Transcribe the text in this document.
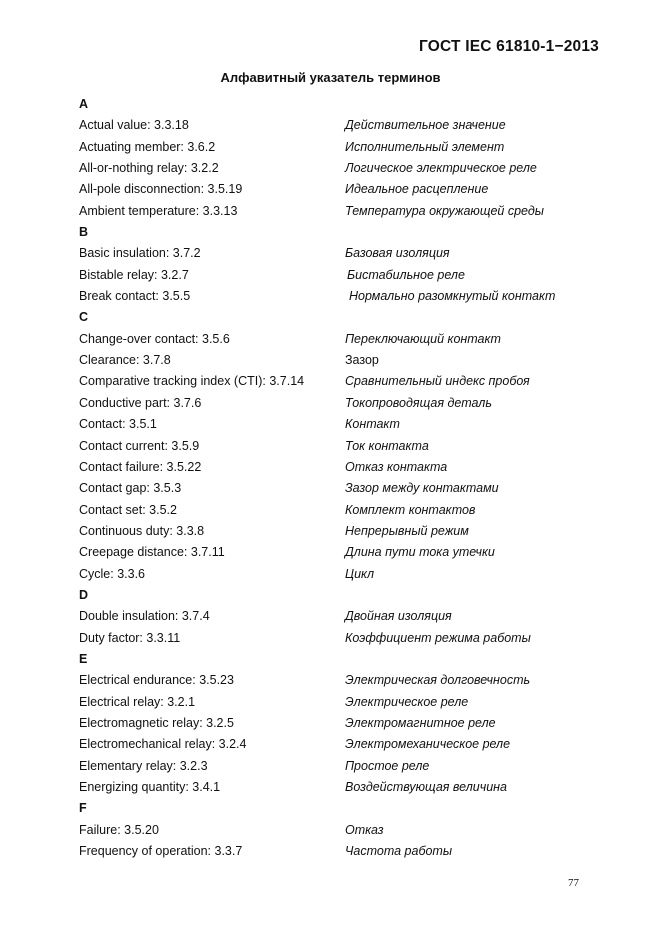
ГОСТ IEC 61810-1−2013
Алфавитный указатель терминов
A
Actual value: 3.3.18	Действительное значение
Actuating member: 3.6.2	Исполнительный элемент
All-or-nothing relay: 3.2.2	Логическое электрическое реле
All-pole disconnection: 3.5.19	Идеальное расцепление
Ambient temperature: 3.3.13	Температура окружающей среды
B
Basic insulation: 3.7.2	Базовая изоляция
Bistable relay: 3.2.7	Бистабильное реле
Break contact: 3.5.5	Нормально разомкнутый контакт
C
Change-over contact: 3.5.6	Переключающий контакт
Clearance: 3.7.8	Зазор
Comparative tracking index (CTI): 3.7.14	Сравнительный индекс пробоя
Conductive part: 3.7.6	Токопроводящая деталь
Contact: 3.5.1	Контакт
Contact current: 3.5.9	Ток контакта
Contact failure: 3.5.22	Отказ контакта
Contact gap: 3.5.3	Зазор между контактами
Contact set: 3.5.2	Комплект контактов
Continuous duty: 3.3.8	Непрерывный режим
Creepage distance: 3.7.11	Длина пути тока утечки
Cycle: 3.3.6	Цикл
D
Double insulation: 3.7.4	Двойная изоляция
Duty factor: 3.3.11	Коэффициент режима работы
E
Electrical endurance: 3.5.23	Электрическая долговечность
Electrical relay: 3.2.1	Электрическое реле
Electromagnetic relay: 3.2.5	Электромагнитное реле
Electromechanical relay: 3.2.4	Электромеханическое реле
Elementary relay: 3.2.3	Простое реле
Energizing quantity: 3.4.1	Воздействующая величина
F
Failure: 3.5.20	Отказ
Frequency of operation: 3.3.7	Частота работы
77
